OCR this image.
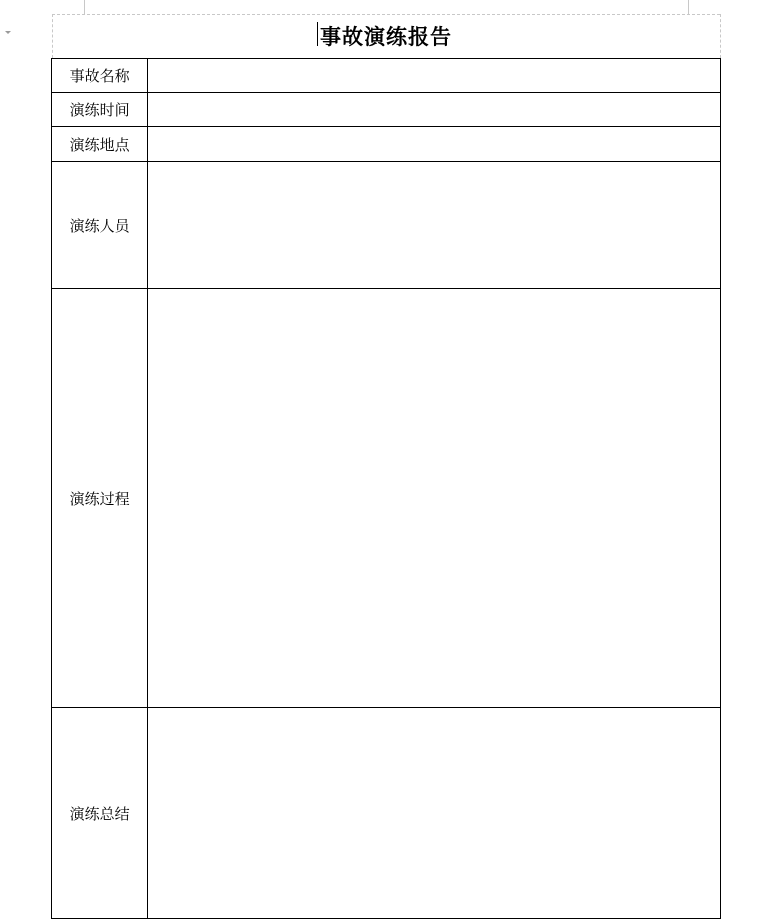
事故演练报告
事故名称	
演练时间	
演练地点	
演练人员	
演练过程	
演练总结	
